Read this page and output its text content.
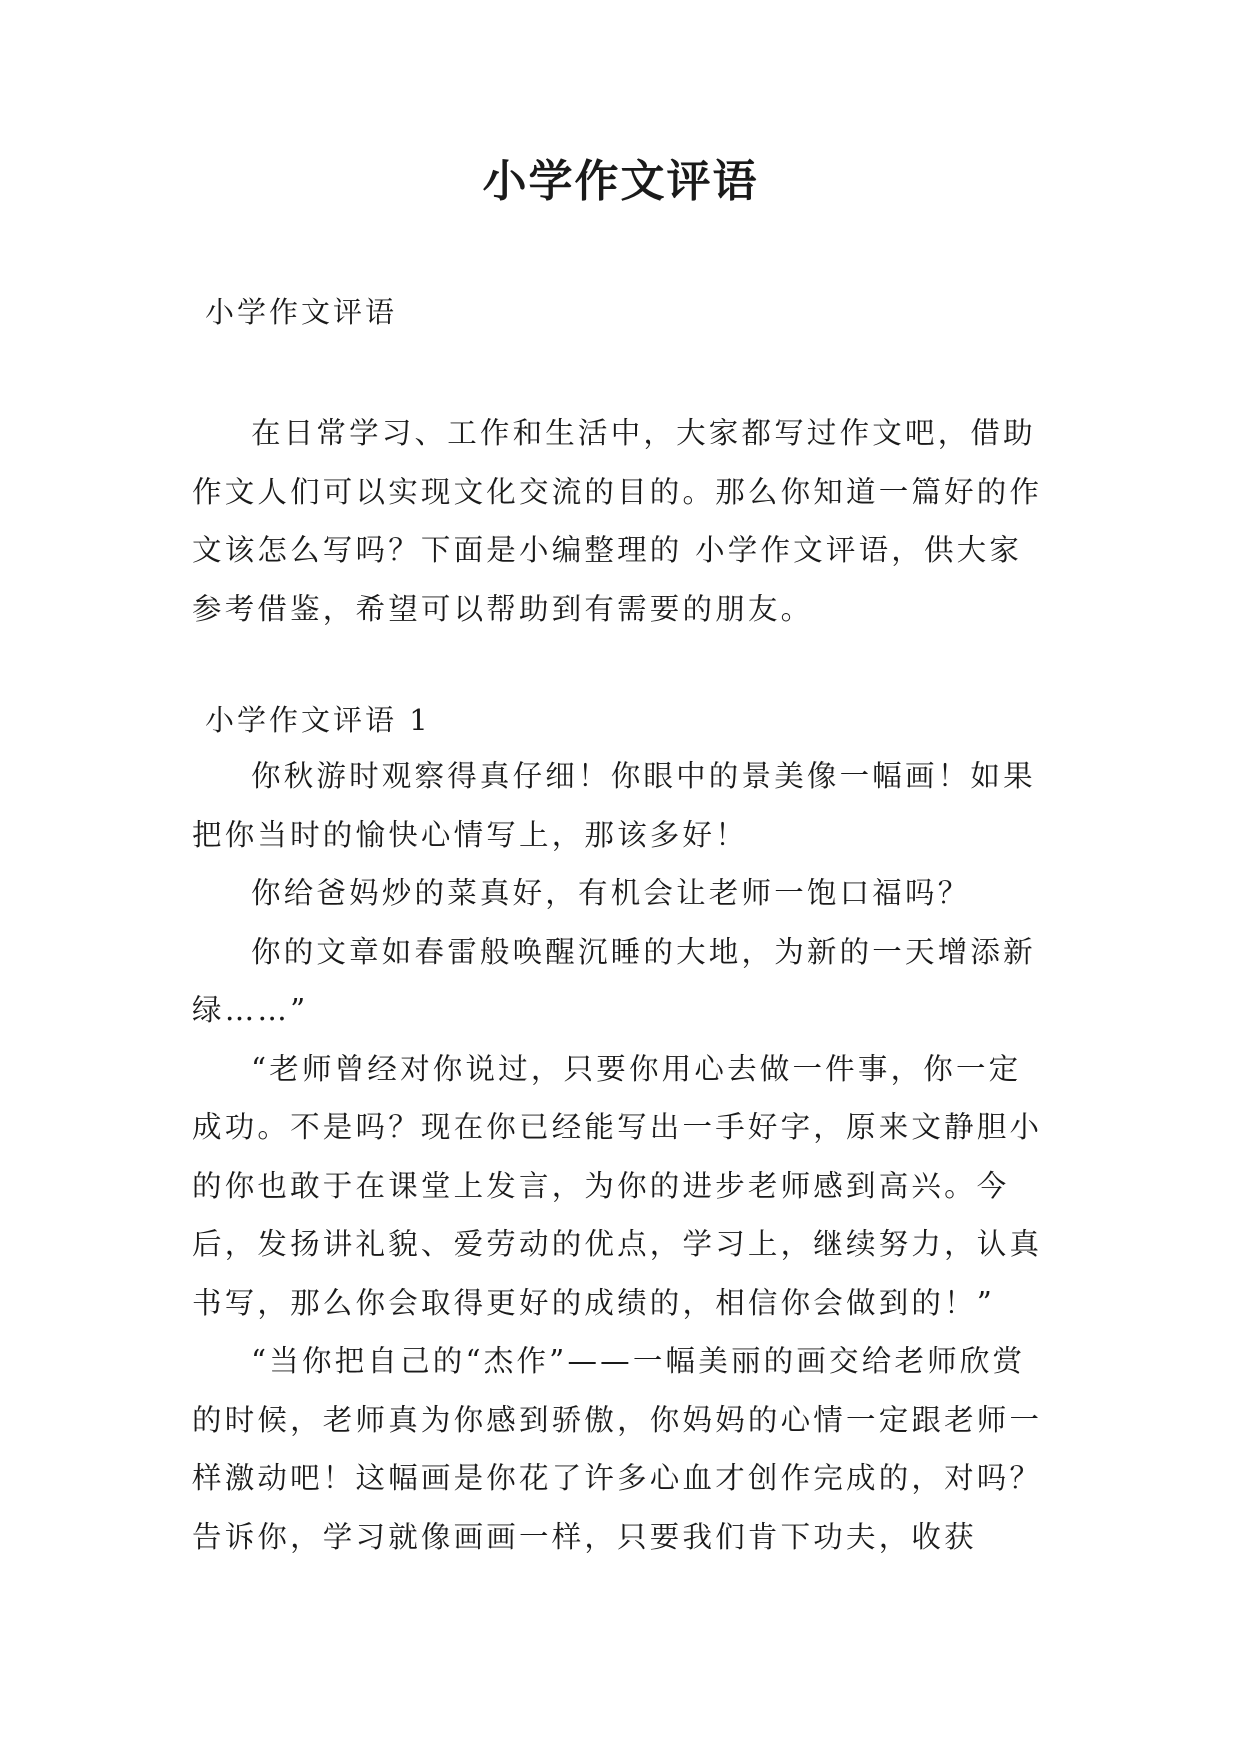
小学作文评语

小学作文评语

在日常学习、工作和生活中，大家都写过作文吧，借助作文人们可以实现文化交流的目的。那么你知道一篇好的作文该怎么写吗？下面是小编整理的 小学作文评语，供大家参考借鉴，希望可以帮助到有需要的朋友。

小学作文评语 1

你秋游时观察得真仔细！你眼中的景美像一幅画！如果把你当时的愉快心情写上，那该多好！

你给爸妈炒的菜真好，有机会让老师一饱口福吗？

你的文章如春雷般唤醒沉睡的大地，为新的一天增添新绿……”

“老师曾经对你说过，只要你用心去做一件事，你一定成功。不是吗？现在你已经能写出一手好字，原来文静胆小的你也敢于在课堂上发言，为你的进步老师感到高兴。今后，发扬讲礼貌、爱劳动的优点，学习上，继续努力，认真书写，那么你会取得更好的成绩的，相信你会做到的！”

“当你把自己的“杰作”——一幅美丽的画交给老师欣赏的时候，老师真为你感到骄傲，你妈妈的心情一定跟老师一样激动吧！这幅画是你花了许多心血才创作完成的，对吗？告诉你，学习就像画画一样，只要我们肯下功夫，收获
